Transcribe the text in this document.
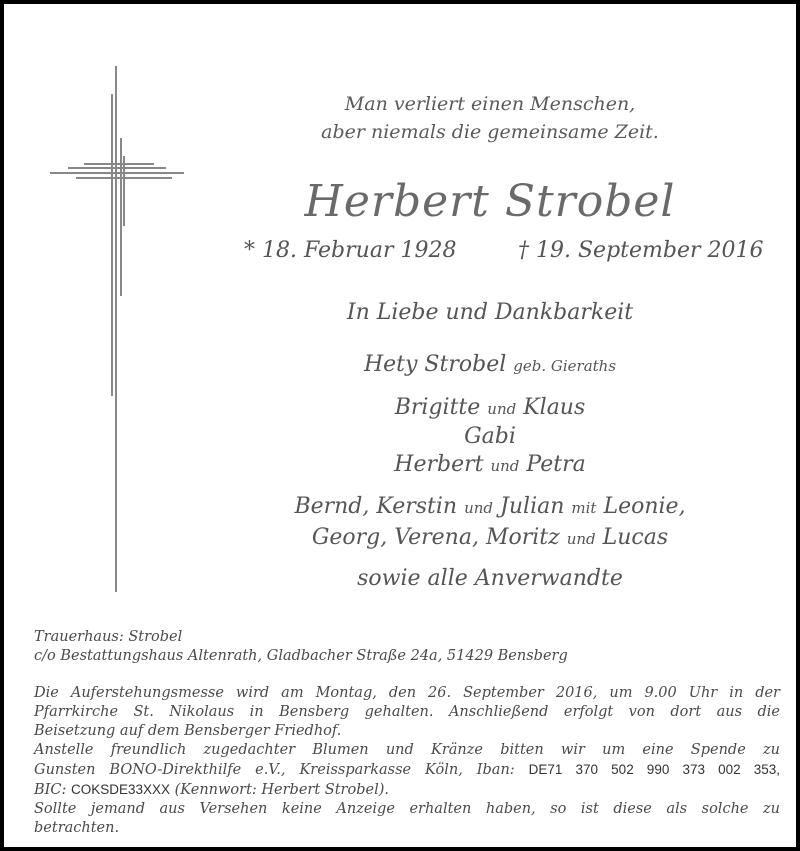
Man verliert einen Menschen,
aber niemals die gemeinsame Zeit.
Herbert Strobel
* 18. Februar 1928	† 19. September 2016
In Liebe und Dankbarkeit
Hety Strobel geb. Gieraths
Brigitte und Klaus
Gabi
Herbert und Petra
Bernd, Kerstin und Julian mit Leonie,
Georg, Verena, Moritz und Lucas
sowie alle Anverwandte
Trauerhaus: Strobel
c/o Bestattungshaus Altenrath, Gladbacher Straße 24a, 51429 Bensberg
Die Auferstehungsmesse wird am Montag, den 26. September 2016, um 9.00 Uhr in der
Pfarrkirche St. Nikolaus in Bensberg gehalten. Anschließend erfolgt von dort aus die
Beisetzung auf dem Bensberger Friedhof.
Anstelle freundlich zugedachter Blumen und Kränze bitten wir um eine Spende zu
Gunsten BONO-Direkthilfe e.V., Kreissparkasse Köln, Iban: DE71 370 502 990 373 002 353,
BIC: COKSDE33XXX (Kennwort: Herbert Strobel).
Sollte jemand aus Versehen keine Anzeige erhalten haben, so ist diese als solche zu
betrachten.
